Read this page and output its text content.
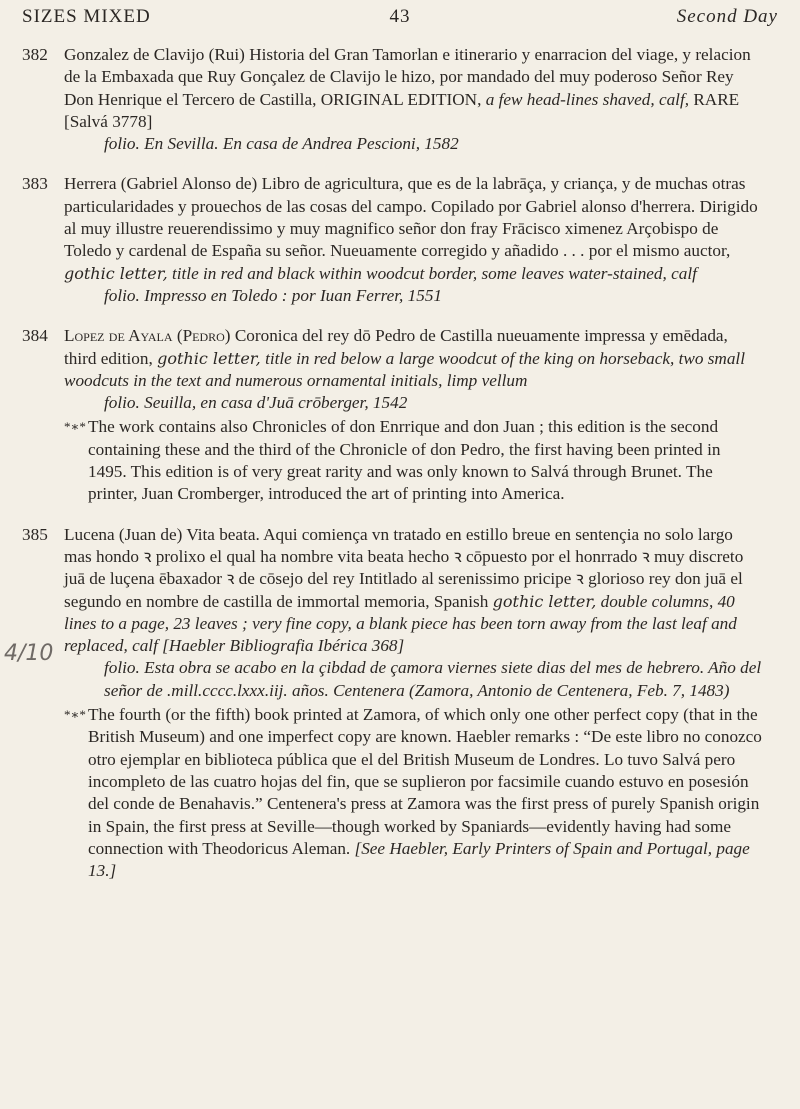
SIZES MIXED	43	Second Day
4/10
382 Gonzalez de Clavijo (Rui) Historia del Gran Tamorlan e itinerario y enarracion del viage, y relacion de la Embaxada que Ruy Gonçalez de Clavijo le hizo, por mandado del muy poderoso Señor Rey Don Henrique el Tercero de Castilla, ORIGINAL EDITION, a few head-lines shaved, calf, RARE [Salvá 3778]
folio. En Sevilla. En casa de Andrea Pescioni, 1582
383 Herrera (Gabriel Alonso de) Libro de agricultura, que es de la labrāça, y criança, y de muchas otras particularidades y prouechos de las cosas del campo. Copilado por Gabriel alonso d'herrera. Dirigido al muy illustre reuerendissimo y muy magnifico señor don fray Frācisco ximenez Arçobispo de Toledo y cardenal de España su señor. Nueuamente corregido y añadido . . . por el mismo auctor, gothic letter, title in red and black within woodcut border, some leaves water-stained, calf
folio. Impresso en Toledo : por Iuan Ferrer, 1551
384 Lopez de Ayala (Pedro) Coronica del rey dō Pedro de Castilla nueuamente impressa y emēdada, third edition, gothic letter, title in red below a large woodcut of the king on horseback, two small woodcuts in the text and numerous ornamental initials, limp vellum
folio. Seuilla, en casa d'Juā crōberger, 1542
*∗* The work contains also Chronicles of don Enrrique and don Juan ; this edition is the second containing these and the third of the Chronicle of don Pedro, the first having been printed in 1495. This edition is of very great rarity and was only known to Salvá through Brunet. The printer, Juan Cromberger, introduced the art of printing into America.
385 Lucena (Juan de) Vita beata. Aqui comiença vn tratado en estillo breue en sentençia no solo largo mas hondo ꝛ prolixo el qual ha nombre vita beata hecho ꝛ cōpuesto por el honrrado ꝛ muy discreto juā de luçena ēbaxador ꝛ de cōsejo del rey Intitlado al serenissimo pricipe ꝛ glorioso rey don juā el segundo en nombre de castilla de immortal memoria, Spanish gothic letter, double columns, 40 lines to a page, 23 leaves ; very fine copy, a blank piece has been torn away from the last leaf and replaced, calf [Haebler Bibliografia Ibérica 368]
folio. Esta obra se acabo en la çibdad de çamora viernes siete dias del mes de hebrero. Año del señor de .mill.cccc.lxxx.iij. años. Centenera (Zamora, Antonio de Centenera, Feb. 7, 1483)
*∗* The fourth (or the fifth) book printed at Zamora, of which only one other perfect copy (that in the British Museum) and one imperfect copy are known. Haebler remarks : “De este libro no conozco otro ejemplar en biblioteca pública que el del British Museum de Londres. Lo tuvo Salvá pero incompleto de las cuatro hojas del fin, que se suplieron por facsimile cuando estuvo en posesión del conde de Benahavis.” Centenera's press at Zamora was the first press of purely Spanish origin in Spain, the first press at Seville—though worked by Spaniards—evidently having had some connection with Theodoricus Aleman. [See Haebler, Early Printers of Spain and Portugal, page 13.]
